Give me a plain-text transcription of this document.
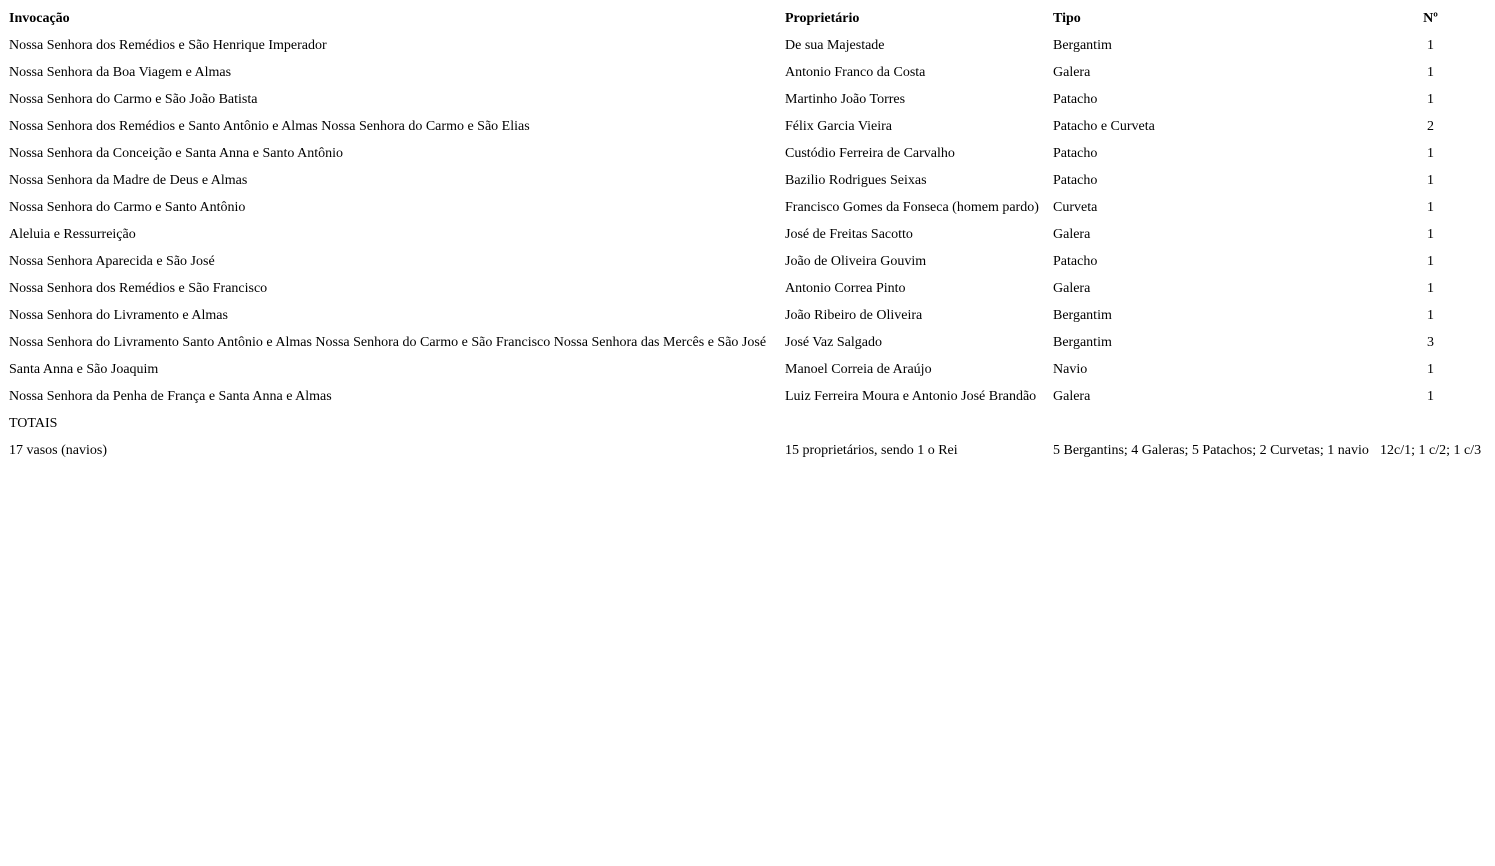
Invocação	Proprietário	Tipo	Nº
Nossa Senhora dos Remédios e São Henrique Imperador	De sua Majestade	Bergantim	1
Nossa Senhora da Boa Viagem e Almas	Antonio Franco da Costa	Galera	1
Nossa Senhora do Carmo e São João Batista	Martinho João Torres	Patacho	1
Nossa Senhora dos Remédios e Santo Antônio e Almas Nossa Senhora do Carmo e São Elias	Félix Garcia Vieira	Patacho e Curveta	2
Nossa Senhora da Conceição e Santa Anna e Santo Antônio	Custódio Ferreira de Carvalho	Patacho	1
Nossa Senhora da Madre de Deus e Almas	Bazilio Rodrigues Seixas	Patacho	1
Nossa Senhora do Carmo e Santo Antônio	Francisco Gomes da Fonseca (homem pardo)	Curveta	1
Aleluia e Ressurreição	José de Freitas Sacotto	Galera	1
Nossa Senhora Aparecida e São José	João de Oliveira Gouvim	Patacho	1
Nossa Senhora dos Remédios e São Francisco	Antonio Correa Pinto	Galera	1
Nossa Senhora do Livramento e Almas	João Ribeiro de Oliveira	Bergantim	1
Nossa Senhora do Livramento Santo Antônio e Almas Nossa Senhora do Carmo e São Francisco Nossa Senhora das Mercês e São José	José Vaz Salgado	Bergantim	3
Santa Anna e São Joaquim	Manoel Correia de Araújo	Navio	1
Nossa Senhora da Penha de França e Santa Anna e Almas	Luiz Ferreira Moura e Antonio José Brandão	Galera	1
TOTAIS			
17 vasos (navios)	15 proprietários, sendo 1 o Rei	5 Bergantins; 4 Galeras; 5 Patachos; 2 Curvetas; 1 navio	12c/1; 1 c/2; 1 c/3
